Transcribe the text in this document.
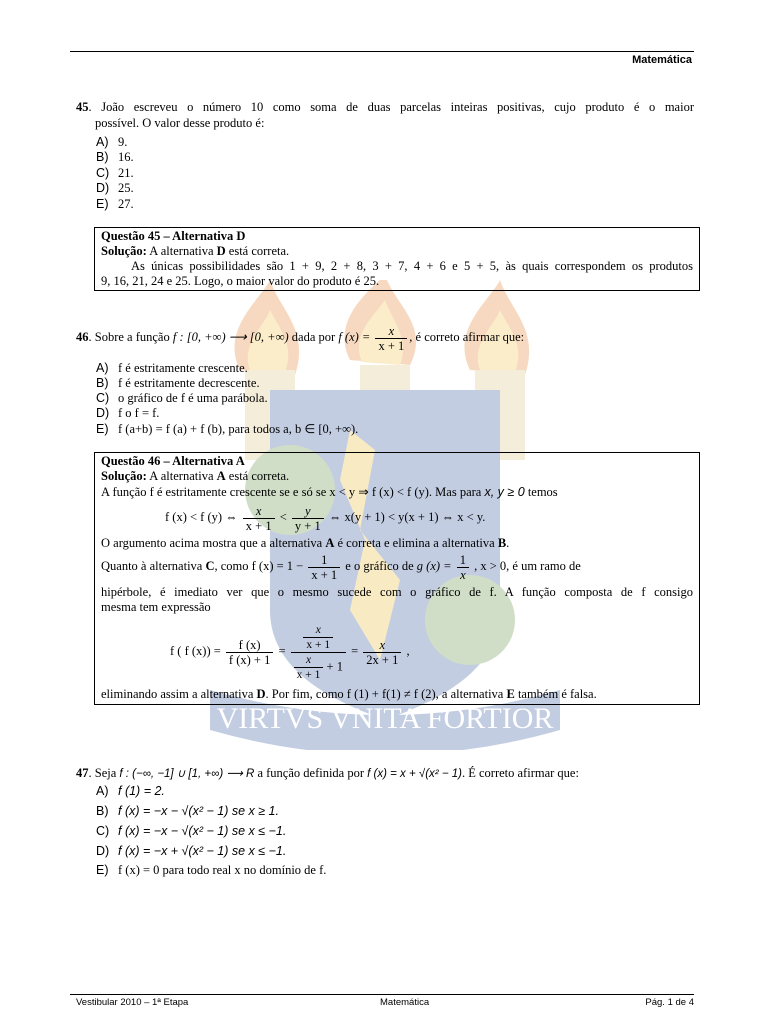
VIRTVS VNITA FORTIOR
Matemática
45. João escreveu o número 10 como soma de duas parcelas inteiras positivas, cujo produto é o maior
possível. O valor desse produto é:
A) 9.
B) 16.
C) 21.
D) 25.
E) 27.
Questão 45 – Alternativa D
Solução: A alternativa D está correta.
As únicas possibilidades são 1 + 9, 2 + 8, 3 + 7, 4 + 6 e 5 + 5, às quais correspondem os produtos
9, 16, 21, 24 e 25. Logo, o maior valor do produto é 25.
46. Sobre a função f : [0, +∞) ⟶ [0, +∞) dada por f $(x) = \frac{x}{x + 1}$ , é correto afirmar que:
A) f é estritamente crescente.
B) f é estritamente decrescente.
C) o gráfico de f é uma parábola.
D) f o f = f.
E) f (a+b) = f (a) + f (b), para todos a, b ∈ [0, +∞).
Questão 46 – Alternativa A
Solução: A alternativa A está correta.
A função f é estritamente crescente se e só se x < y ⇒ f (x) < f (y). Mas para x, y ≥ 0 temos
f (x) < f (y) ⇔ $\frac{x}{x + 1} < \frac{y}{y + 1}$ ⇔ x(y + 1) < y(x + 1) ⇔ x < y.
O argumento acima mostra que a alternativa A é correta e elimina a alternativa B.
Quanto à alternativa C, como f $(x) = 1 - \frac{1}{x + 1}$ e o gráfico de g $(x) = \frac{1}{x}$ , x > 0, é um ramo de
hipérbole, é imediato ver que o mesmo sucede com o gráfico de f. A função composta de f consigo
mesma tem expressão
f ( f $(x)) = \frac{f (x)}{f (x) + 1} = \frac{\frac{x}{x + 1}}{\frac{x}{x + 1} + 1} = \frac{x}{2x + 1}$ ,
eliminando assim a alternativa D. Por fim, como f (1) + f(1) ≠ f (2), a alternativa E também é falsa.
47. Seja f : (−∞, −1] ∪ [1, +∞) ⟶ R a função definida por f (x) = x + √(x² − 1). É correto afirmar que:
A) f (1) = 2.
B) f (x) = −x − √(x² − 1) se x ≥ 1.
C) f (x) = −x − √(x² − 1) se x ≤ −1.
D) f (x) = −x + √(x² − 1) se x ≤ −1.
E) f (x) = 0 para todo real x no domínio de f.
Vestibular 2010 – 1ª Etapa	Matemática	Pág. 1 de 4
